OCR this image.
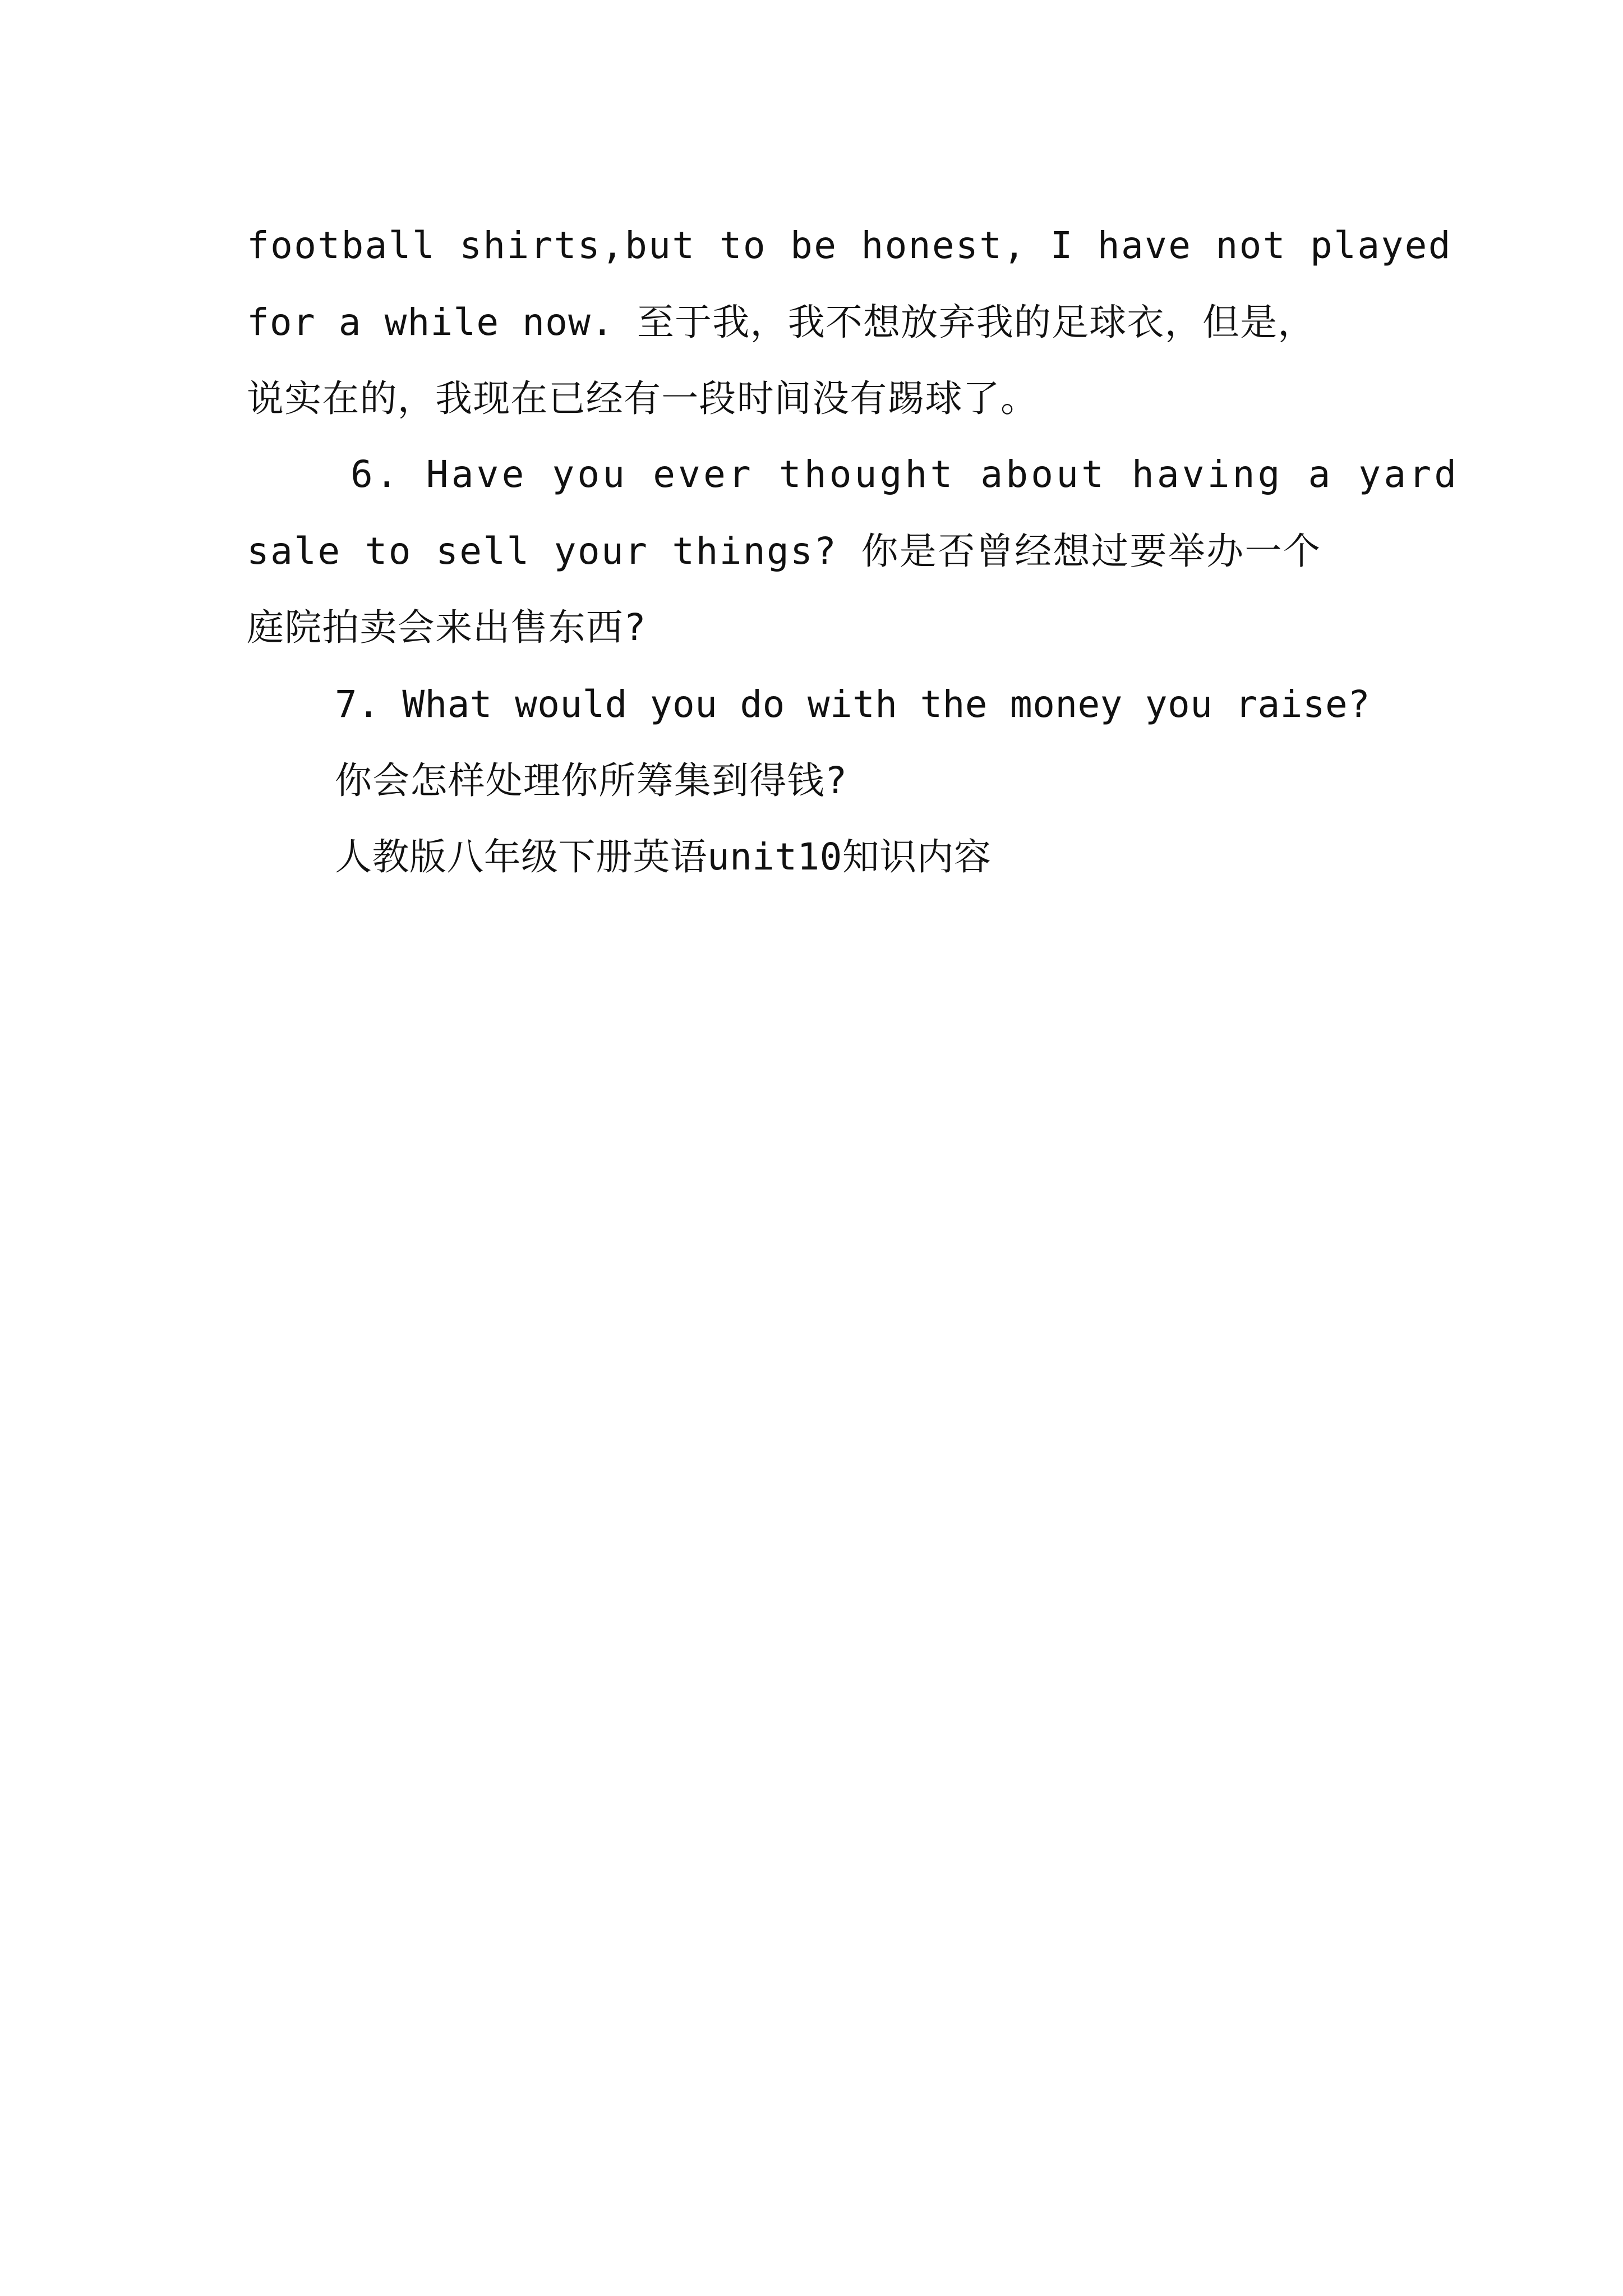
football shirts,but to be honest, I have not played
for a while now. 至于我，我不想放弃我的足球衣，但是，
说实在的，我现在已经有一段时间没有踢球了。
6. Have you ever thought about having a yard
sale to sell your things? 你是否曾经想过要举办一个
庭院拍卖会来出售东西?
7. What would you do with the money you raise?
你会怎样处理你所筹集到得钱?
人教版八年级下册英语unit10知识内容
